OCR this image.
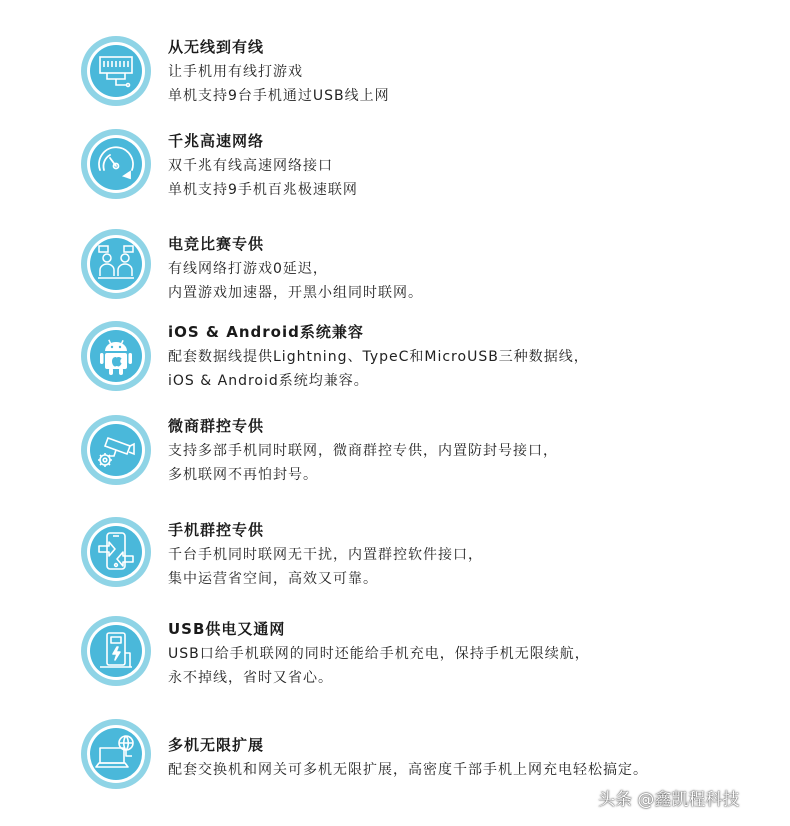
从无线到有线
让手机用有线打游戏
单机支持9台手机通过USB线上网
千兆高速网络
双千兆有线高速网络接口
单机支持9手机百兆极速联网
电竞比赛专供
有线网络打游戏0延迟，
内置游戏加速器，开黑小组同时联网。
iOS & Android系统兼容
配套数据线提供Lightning、TypeC和MicroUSB三种数据线，
iOS & Android系统均兼容。
微商群控专供
支持多部手机同时联网，微商群控专供，内置防封号接口，
多机联网不再怕封号。
手机群控专供
千台手机同时联网无干扰，内置群控软件接口，
集中运营省空间，高效又可靠。
USB供电又通网
USB口给手机联网的同时还能给手机充电，保持手机无限续航，
永不掉线，省时又省心。
多机无限扩展
配套交换机和网关可多机无限扩展，高密度千部手机上网充电轻松搞定。
头条 @鑫凯程科技
